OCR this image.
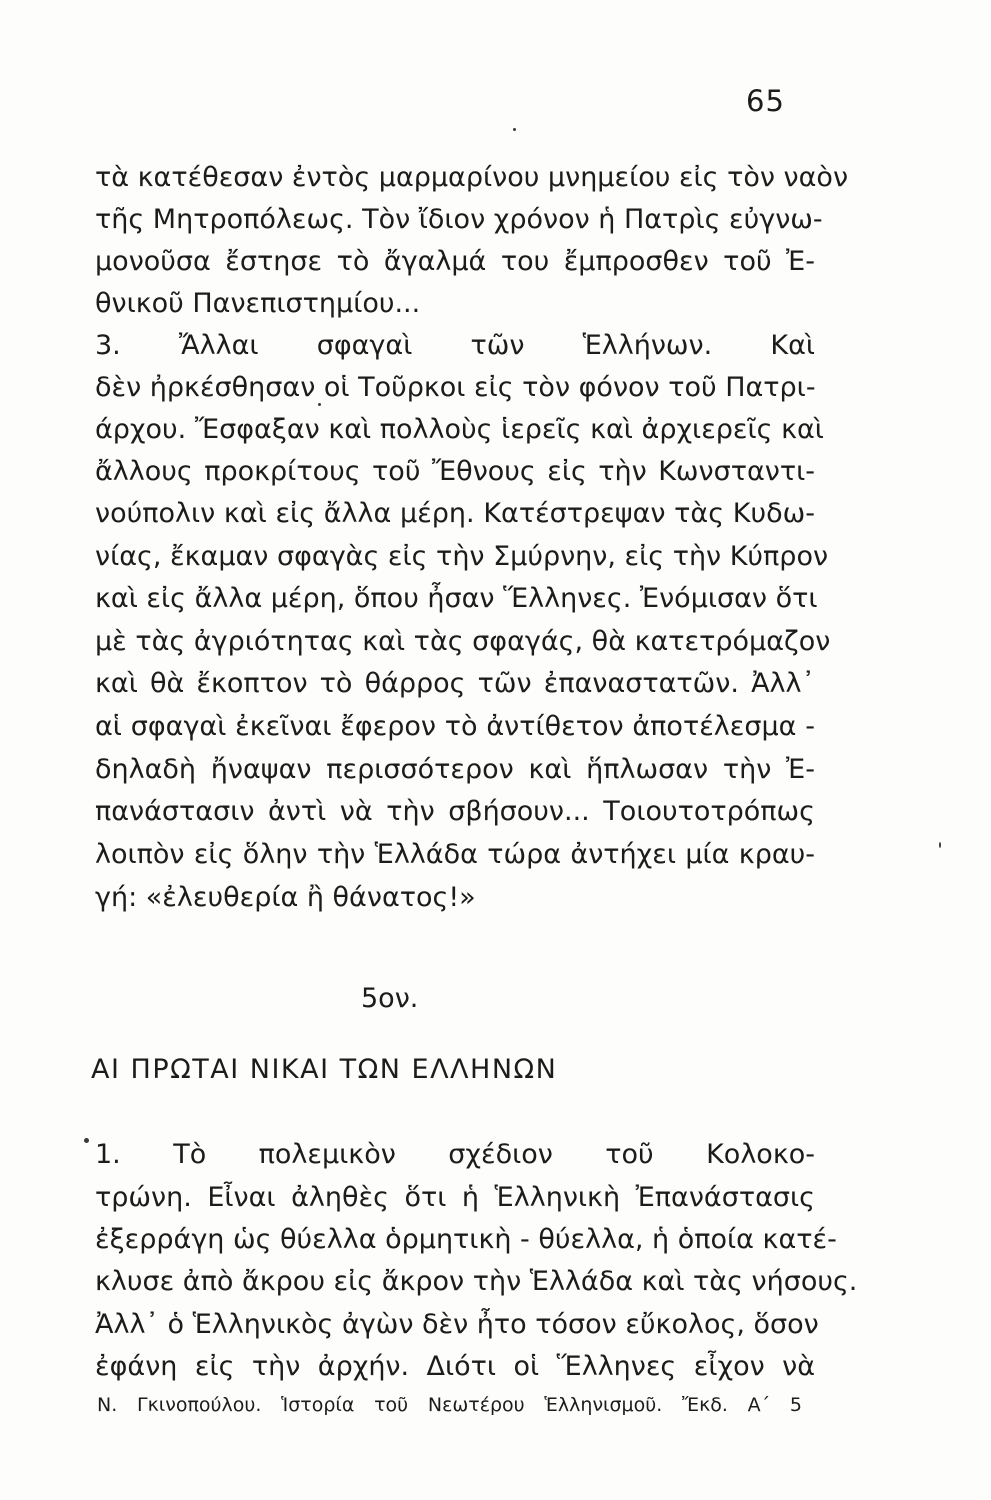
65
τὰ κατέθεσαν ἐντὸς μαρμαρίνου μνημείου εἰς τὸν ναὸν
τῆς Μητροπόλεως. Τὸν ἴδιον χρόνον ἡ Πατρὶς εὐγνω-
μονοῦσα ἔστησε τὸ ἄγαλμά του ἔμπροσθεν τοῦ Ἐ-
θνικοῦ Πανεπιστημίου...
3. Ἄλλαι σφαγαὶ τῶν Ἑλλήνων. Καὶ
δὲν ἠρκέσθησαν οἱ Τοῦρκοι εἰς τὸν φόνον τοῦ Πατρι-
άρχου. Ἔσφαξαν καὶ πολλοὺς ἱερεῖς καὶ ἀρχιερεῖς καὶ
ἄλλους προκρίτους τοῦ Ἔθνους εἰς τὴν Κωνσταντι-
νούπολιν καὶ εἰς ἄλλα μέρη. Κατέστρεψαν τὰς Κυδω-
νίας, ἔκαμαν σφαγὰς εἰς τὴν Σμύρνην, εἰς τὴν Κύπρον
καὶ εἰς ἄλλα μέρη, ὅπου ἦσαν Ἕλληνες. Ἐνόμισαν ὅτι
μὲ τὰς ἀγριότητας καὶ τὰς σφαγάς, θὰ κατετρόμαζον
καὶ θὰ ἔκοπτον τὸ θάρρος τῶν ἐπαναστατῶν. Ἀλλ᾽
αἱ σφαγαὶ ἐκεῖναι ἔφερον τὸ ἀντίθετον ἀποτέλεσμα -
δηλαδὴ ἤναψαν περισσότερον καὶ ἥπλωσαν τὴν Ἐ-
πανάστασιν ἀντὶ νὰ τὴν σβήσουν... Τοιουτοτρόπως
λοιπὸν εἰς ὅλην τὴν Ἑλλάδα τώρα ἀντήχει μία κραυ-
γή: «ἐλευθερία ἢ θάνατος!»
5ον.
ΑΙ ΠΡΩΤΑΙ ΝΙΚΑΙ ΤΩΝ ΕΛΛΗΝΩΝ
1. Τὸ πολεμικὸν σχέδιον τοῦ Κολοκο-
τρώνη. Εἶναι ἀληθὲς ὅτι ἡ Ἑλληνικὴ Ἐπανάστασις
ἐξερράγη ὡς θύελλα ὁρμητικὴ - θύελλα, ἡ ὁποία κατέ-
κλυσε ἀπὸ ἄκρου εἰς ἄκρον τὴν Ἑλλάδα καὶ τὰς νήσους.
Ἀλλ᾽ ὁ Ἑλληνικὸς ἀγὼν δὲν ἦτο τόσον εὔκολος, ὅσον
ἐφάνη εἰς τὴν ἀρχήν. Διότι οἱ Ἕλληνες εἶχον νὰ
Ν. Γκινοπούλου. Ἱστορία τοῦ Νεωτέρου Ἑλληνισμοῦ. Ἔκδ. Α΄ 5
